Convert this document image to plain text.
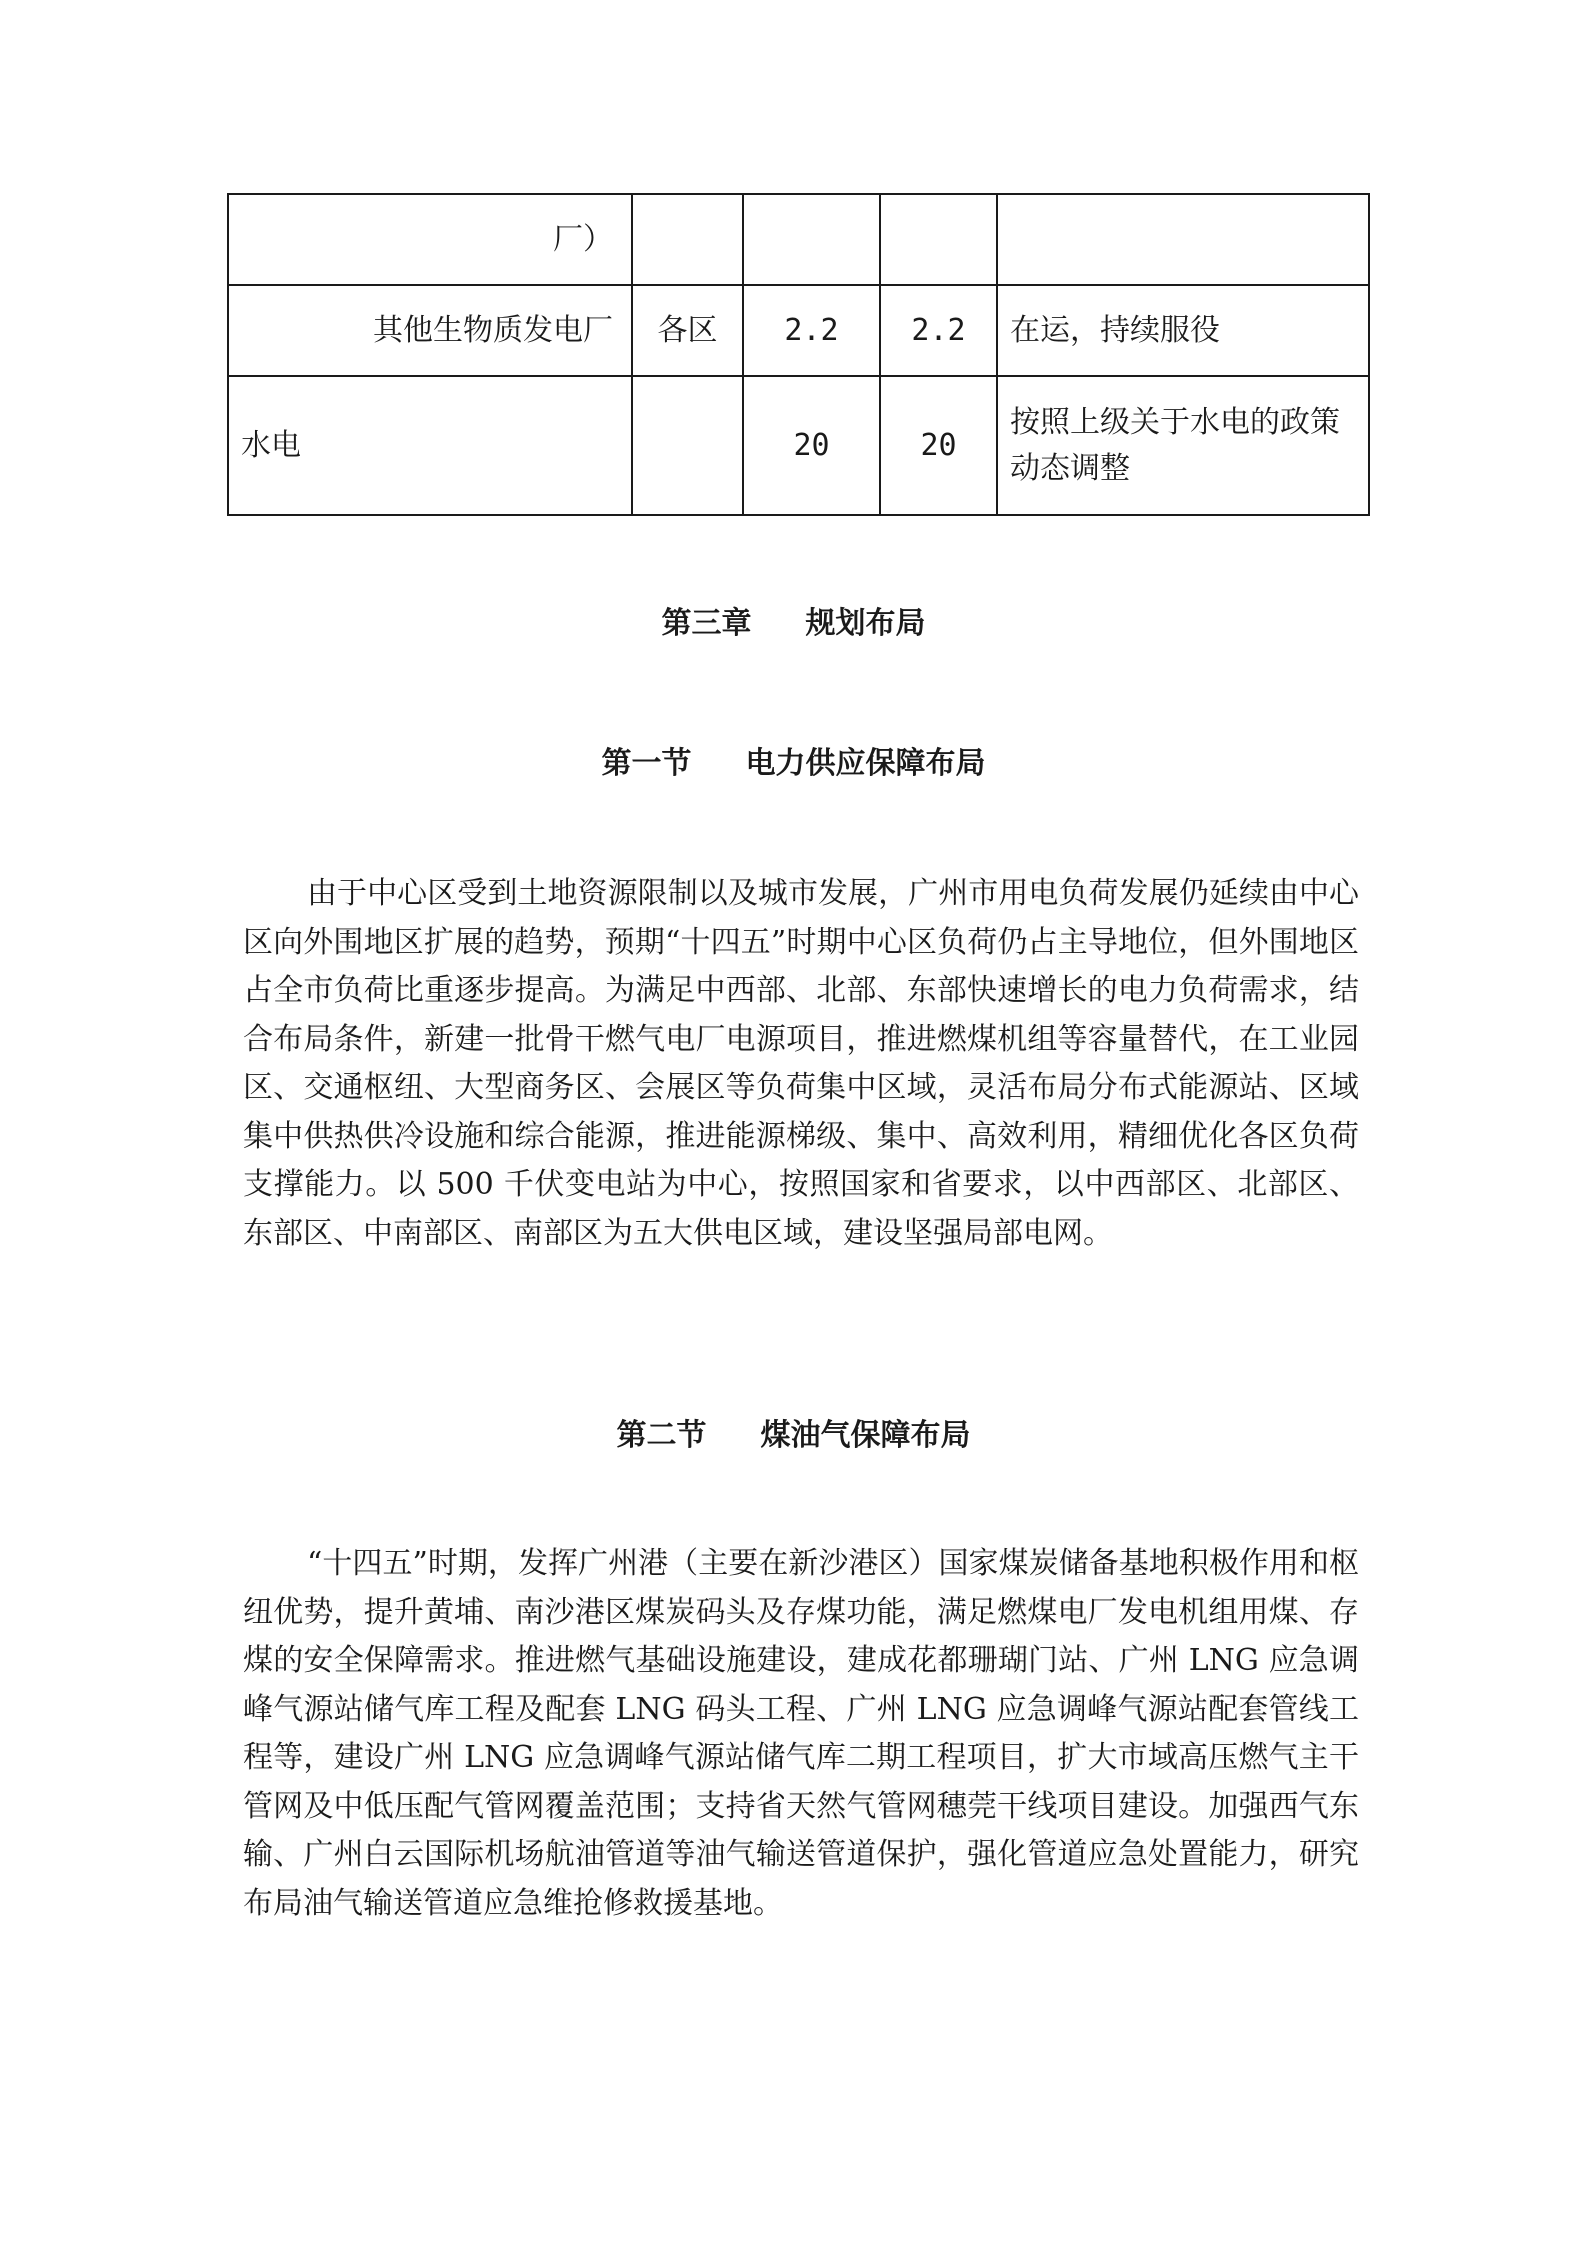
厂）				
其他生物质发电厂	各区	2.2	2.2	在运，持续服役
水电		20	20	按照上级关于水电的政策动态调整
第三章 规划布局
第一节 电力供应保障布局
由于中心区受到土地资源限制以及城市发展，广州市用电负荷发展仍延续由中心区向外围地区扩展的趋势，预期“十四五”时期中心区负荷仍占主导地位，但外围地区占全市负荷比重逐步提高。为满足中西部、北部、东部快速增长的电力负荷需求，结合布局条件，新建一批骨干燃气电厂电源项目，推进燃煤机组等容量替代，在工业园区、交通枢纽、大型商务区、会展区等负荷集中区域，灵活布局分布式能源站、区域集中供热供冷设施和综合能源，推进能源梯级、集中、高效利用，精细优化各区负荷支撑能力。以 500 千伏变电站为中心，按照国家和省要求，以中西部区、北部区、东部区、中南部区、南部区为五大供电区域，建设坚强局部电网。
第二节 煤油气保障布局
“十四五”时期，发挥广州港（主要在新沙港区）国家煤炭储备基地积极作用和枢纽优势，提升黄埔、南沙港区煤炭码头及存煤功能，满足燃煤电厂发电机组用煤、存煤的安全保障需求。推进燃气基础设施建设，建成花都珊瑚门站、广州 LNG 应急调峰气源站储气库工程及配套 LNG 码头工程、广州 LNG 应急调峰气源站配套管线工程等，建设广州 LNG 应急调峰气源站储气库二期工程项目，扩大市域高压燃气主干管网及中低压配气管网覆盖范围；支持省天然气管网穗莞干线项目建设。加强西气东输、广州白云国际机场航油管道等油气输送管道保护，强化管道应急处置能力，研究布局油气输送管道应急维抢修救援基地。
